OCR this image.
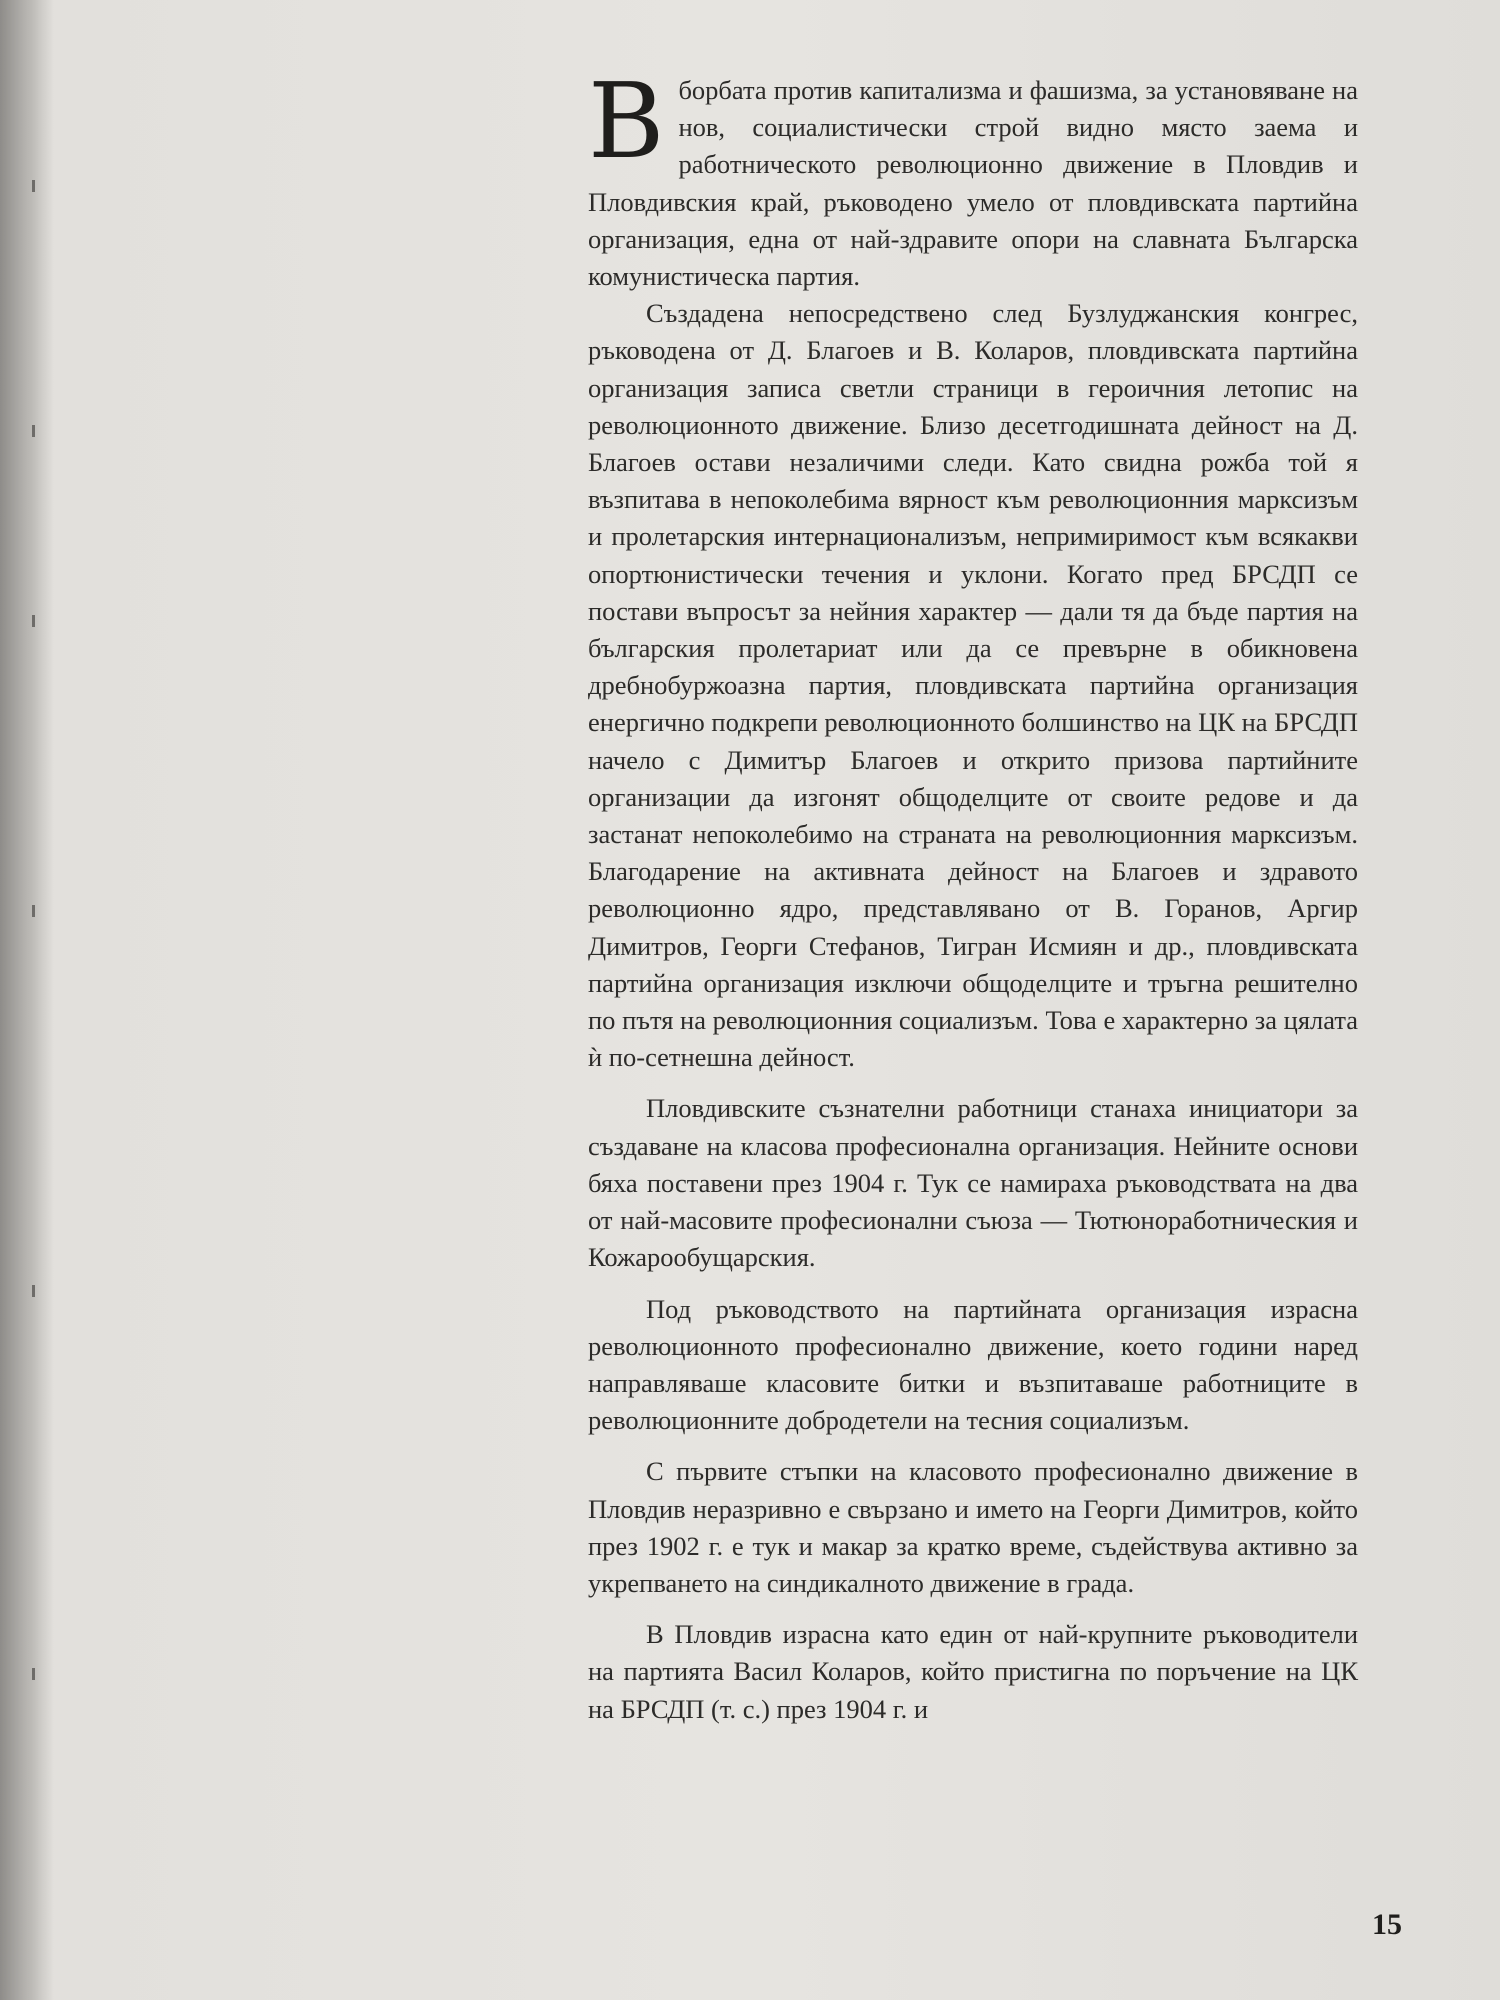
В борбата против капитализма и фашизма, за установяване на нов, социалистически строй видно място заема и работническото революционно движение в Пловдив и Пловдивския край, ръководено умело от пловдивската партийна организация, една от най-здравите опори на славната Българска комунистическа партия.

Създадена непосредствено след Бузлуджанския конгрес, ръководена от Д. Благоев и В. Коларов, пловдивската партийна организация записа светли страници в героичния летопис на революционното движение. Близо десетгодишната дейност на Д. Благоев остави незаличими следи. Като свидна рожба той я възпитава в непоколебима вярност към революционния марксизъм и пролетарския интернационализъм, непримиримост към всякакви опортюнистически течения и уклони. Когато пред БРСДП се постави въпросът за нейния характер — дали тя да бъде партия на българския пролетариат или да се превърне в обикновена дребнобуржоазна партия, пловдивската партийна организация енергично подкрепи революционното болшинство на ЦК на БРСДП начело с Димитър Благоев и открито призова партийните организации да изгонят общоделците от своите редове и да застанат непоколебимо на страната на революционния марксизъм. Благодарение на активната дейност на Благоев и здравото революционно ядро, представлявано от В. Горанов, Аргир Димитров, Георги Стефанов, Тигран Исмиян и др., пловдивската партийна организация изключи общоделците и тръгна решително по пътя на революционния социализъм. Това е характерно за цялата ѝ по-сетнешна дейност.

Пловдивските съзнателни работници станаха инициатори за създаване на класова професионална организация. Нейните основи бяха поставени през 1904 г. Тук се намираха ръководствата на два от най-масовите професионални съюза — Тютюноработническия и Кожарообущарския.

Под ръководството на партийната организация израсна революционното професионално движение, което години наред направляваше класовите битки и възпитаваше работниците в революционните добродетели на тесния социализъм.

С първите стъпки на класовото професионално движение в Пловдив неразривно е свързано и името на Георги Димитров, който през 1902 г. е тук и макар за кратко време, съдействува активно за укрепването на синдикалното движение в града.

В Пловдив израсна като един от най-крупните ръководители на партията Васил Коларов, който пристигна по поръчение на ЦК на БРСДП (т. с.) през 1904 г. и

15
